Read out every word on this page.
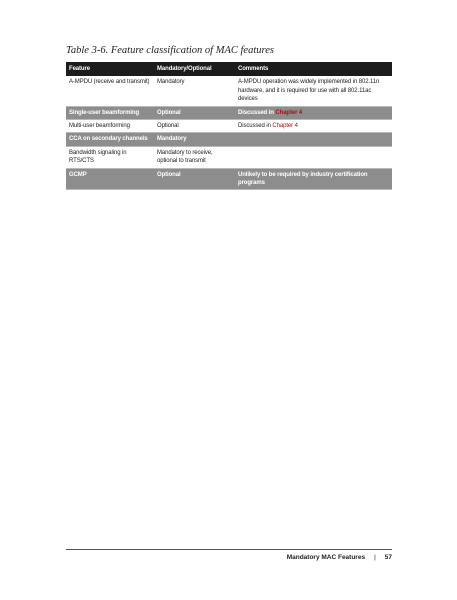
Table 3-6. Feature classification of MAC features
Feature	Mandatory/Optional	Comments
A-MPDU (receive and transmit)	Mandatory	A-MPDU operation was widely implemented in 802.11n hardware, and it is required for use with all 802.11ac devices
Single-user beamforming	Optional	Discussed in Chapter 4
Multi-user beamforming	Optional	Discussed in Chapter 4
CCA on secondary channels	Mandatory	
Bandwidth signaling in RTS/CTS	Mandatory to receive, optional to transmit	
GCMP	Optional	Unlikely to be required by industry certification programs
Mandatory MAC Features | 57
